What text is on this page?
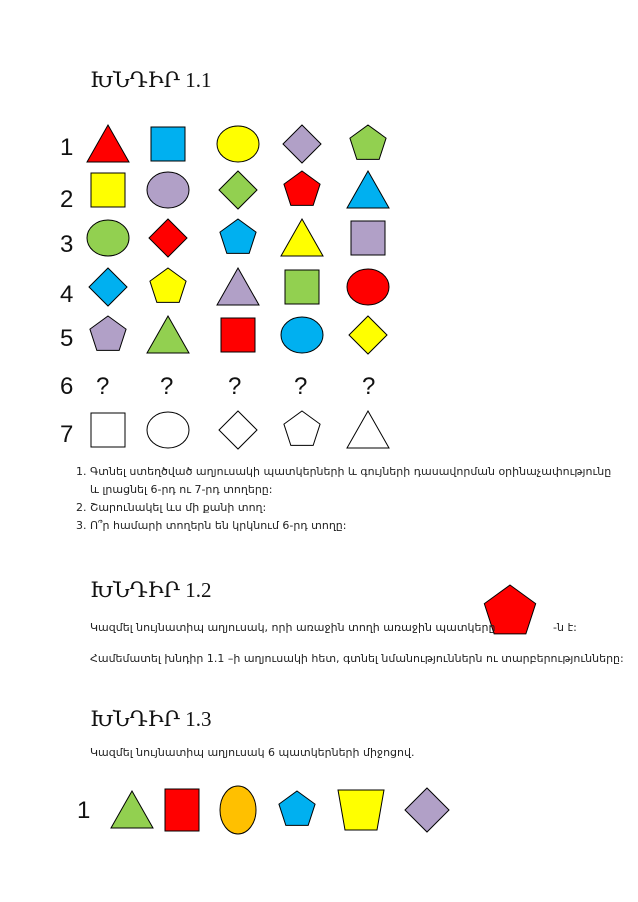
ԽՆԴԻՐ 1.1
1
2
3
4
5
6
7
? ? ? ? ?
1. Գտնել ստեղծված աղյուսակի պատկերների և գույների դասավորման օրինաչափությունը և լրացնել 6-րդ ու 7-րդ տողերը:
2. Շարունակել ևս մի քանի տող:
3. Ո՞ր համարի տողերն են կրկնում 6-րդ տողը:
ԽՆԴԻՐ 1.2
Կազմել նույնատիպ աղյուսակ, որի առաջին տողի առաջին պատկերը	-ն է:
Համեմատել խնդիր 1.1 –ի աղյուսակի հետ, գտնել նմանություններն ու տարբերությունները:
ԽՆԴԻՐ 1.3
Կազմել նույնատիպ աղյուսակ 6 պատկերների միջոցով.
1
